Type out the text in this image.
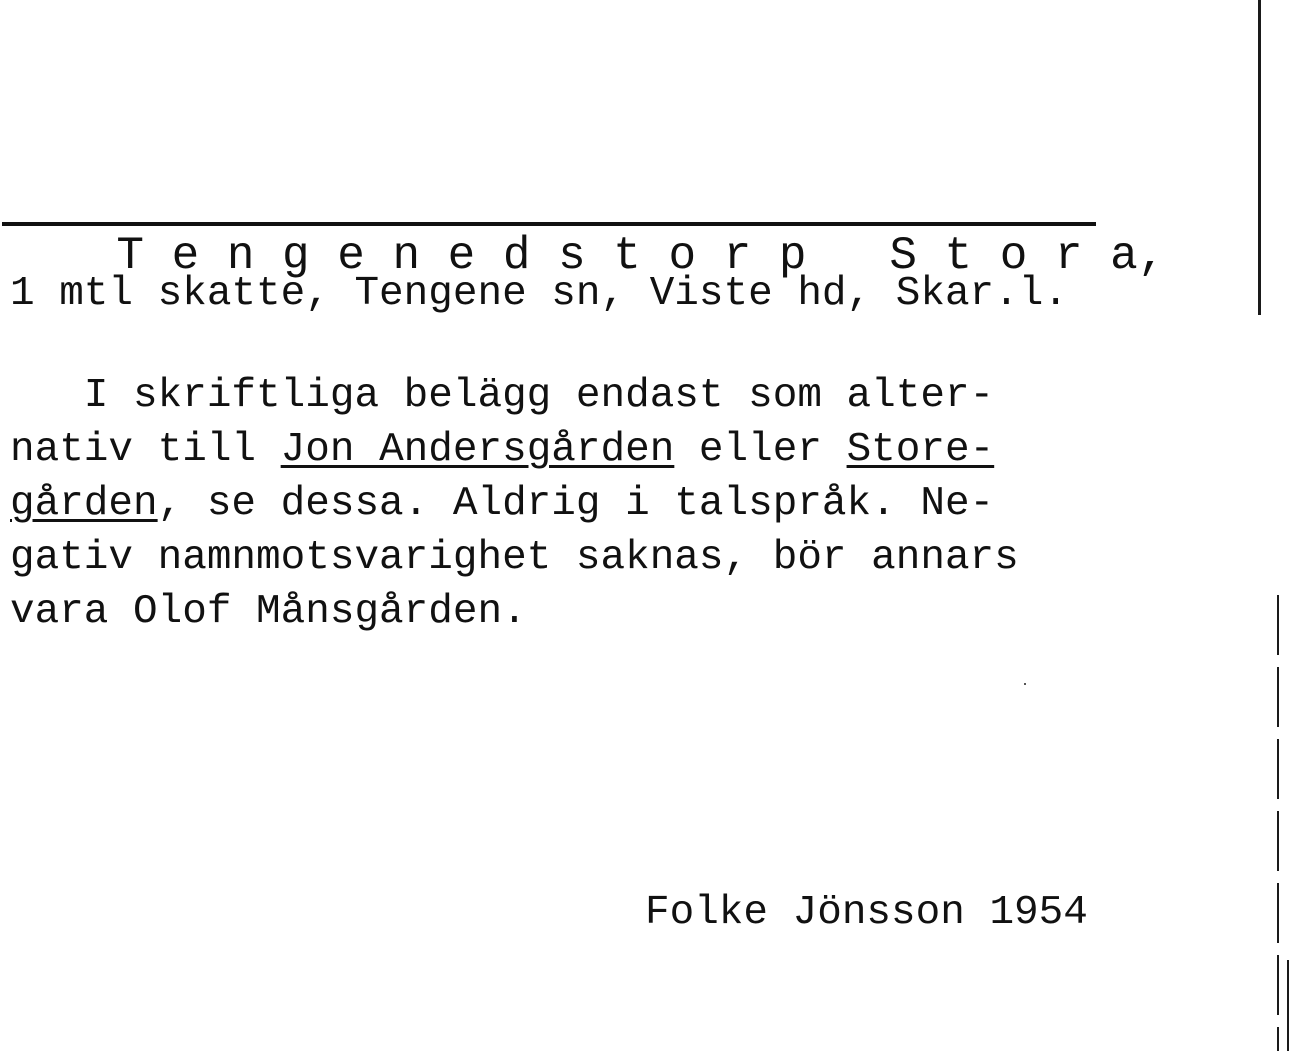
T e n g e n e d s t o r p   S t o r a,

1 mtl skatte, Tengene sn, Viste hd, Skar.l.
I skriftliga belägg endast som alter-
nativ till Jon Andersgården eller Store-
gården, se dessa. Aldrig i talspråk. Ne-
gativ namnmotsvarighet saknas, bör annars
vara Olof Månsgården.
Folke Jönsson 1954
